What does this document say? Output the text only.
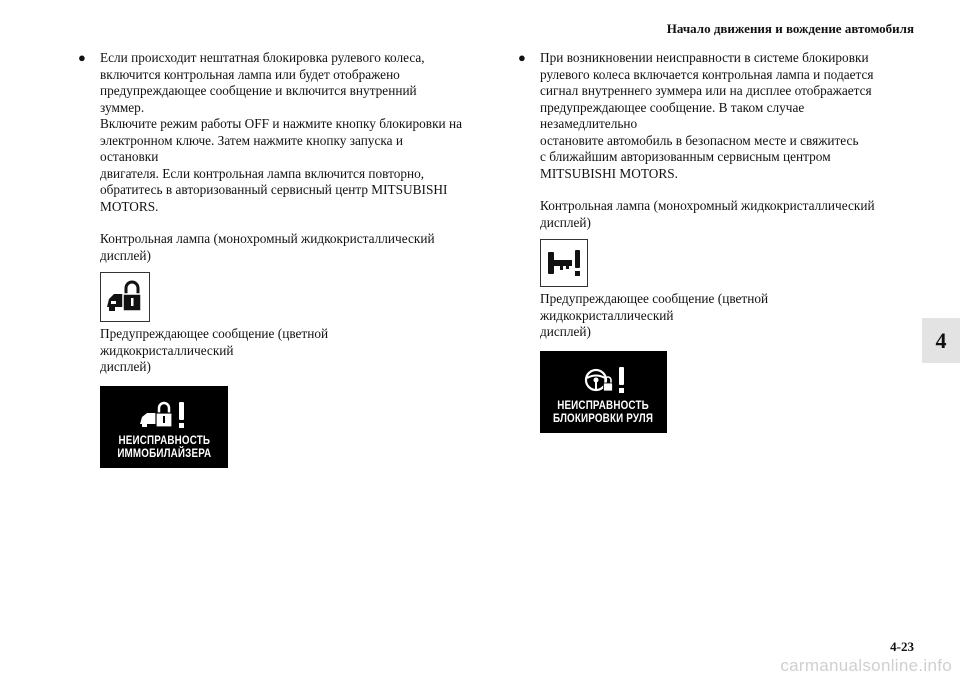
Начало движения и вождение автомобиля
4
● Если происходит нештатная блокировка рулевого колеса,
включится контрольная лампа или будет отображено
предупреждающее сообщение и включится внутренний зуммер.
Включите режим работы OFF и нажмите кнопку блокировки на
электронном ключе. Затем нажмите кнопку запуска и остановки
двигателя. Если контрольная лампа включится повторно,
обратитесь в авторизованный сервисный центр MITSUBISHI
MOTORS.
Контрольная лампа (монохромный жидкокристаллический
дисплей)
Предупреждающее сообщение (цветной жидкокристаллический
дисплей)
НЕИСПРАВНОСТЬ
ИММОБИЛАЙЗЕРА
● При возникновении неисправности в системе блокировки
рулевого колеса включается контрольная лампа и подается
сигнал внутреннего зуммера или на дисплее отображается
предупреждающее сообщение. В таком случае незамедлительно
остановите автомобиль в безопасном месте и свяжитесь
с ближайшим авторизованным сервисным центром
MITSUBISHI MOTORS.
Контрольная лампа (монохромный жидкокристаллический
дисплей)
Предупреждающее сообщение (цветной жидкокристаллический
дисплей)
НЕИСПРАВНОСТЬ
БЛОКИРОВКИ РУЛЯ
4-23
carmanualsonline.info
